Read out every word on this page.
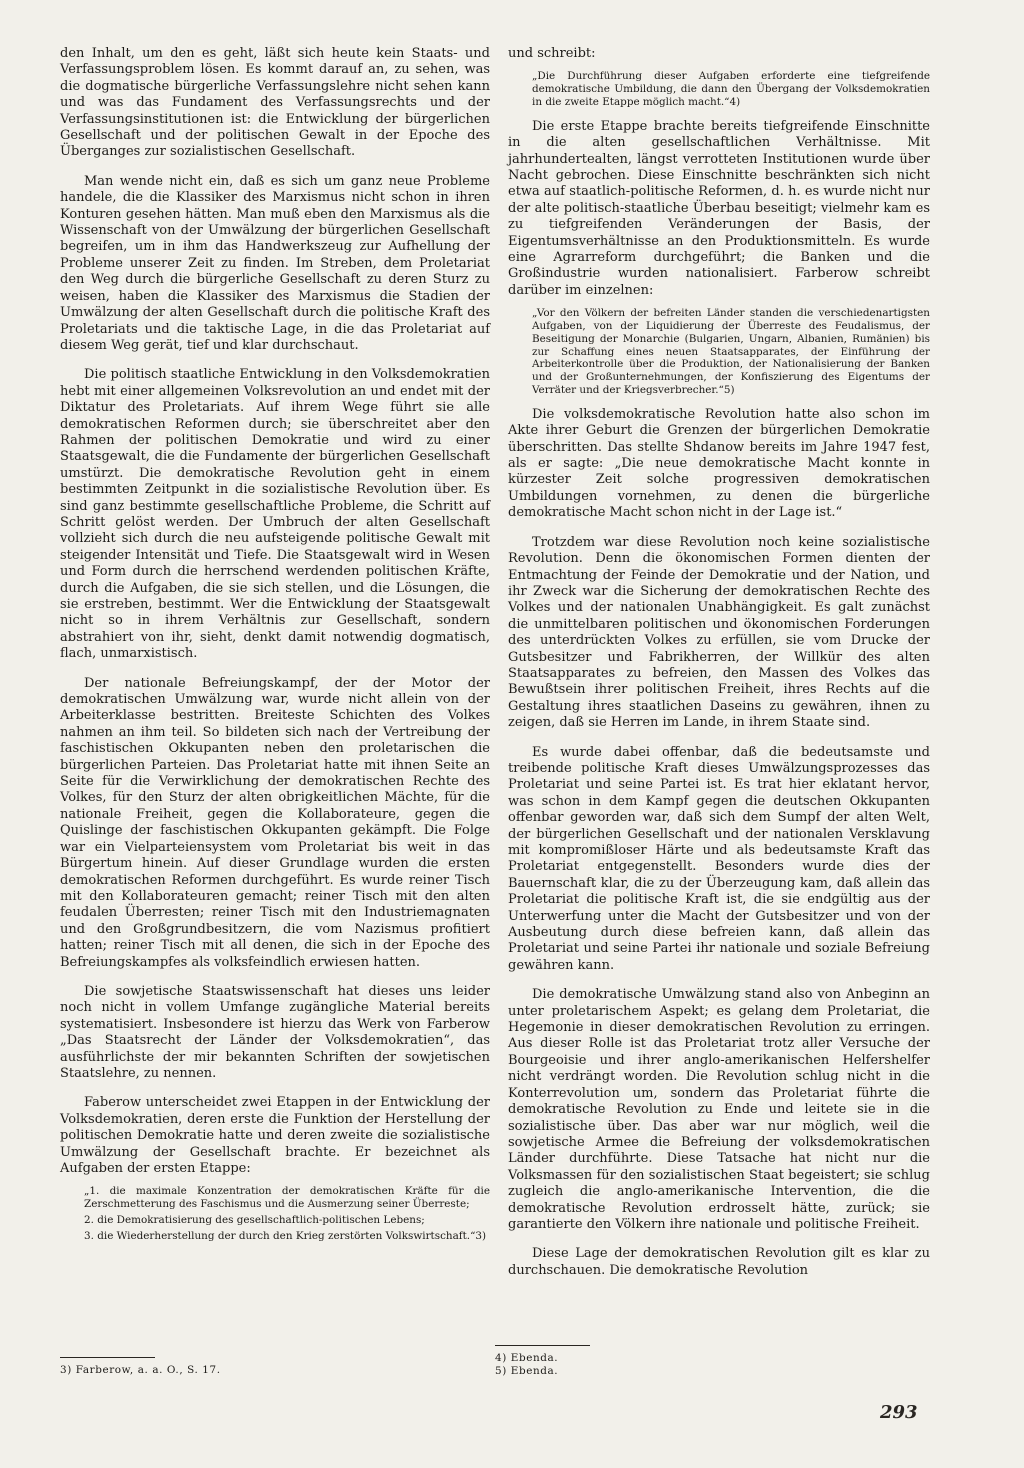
den Inhalt, um den es geht, läßt sich heute kein Staats- und Verfassungsproblem lösen. Es kommt darauf an, zu sehen, was die dogmatische bürgerliche Verfassungslehre nicht sehen kann und was das Fundament des Verfassungsrechts und der Verfassungsinstitutionen ist: die Entwicklung der bürgerlichen Gesellschaft und der politischen Gewalt in der Epoche des Überganges zur sozialistischen Gesellschaft.

Man wende nicht ein, daß es sich um ganz neue Probleme handele, die die Klassiker des Marxismus nicht schon in ihren Konturen gesehen hätten. Man muß eben den Marxismus als die Wissenschaft von der Umwälzung der bürgerlichen Gesellschaft begreifen, um in ihm das Handwerkszeug zur Aufhellung der Probleme unserer Zeit zu finden. Im Streben, dem Proletariat den Weg durch die bürgerliche Gesellschaft zu deren Sturz zu weisen, haben die Klassiker des Marxismus die Stadien der Umwälzung der alten Gesellschaft durch die politische Kraft des Proletariats und die taktische Lage, in die das Proletariat auf diesem Weg gerät, tief und klar durchschaut.

Die politisch staatliche Entwicklung in den Volksdemokratien hebt mit einer allgemeinen Volksrevolution an und endet mit der Diktatur des Proletariats. Auf ihrem Wege führt sie alle demokratischen Reformen durch; sie überschreitet aber den Rahmen der politischen Demokratie und wird zu einer Staatsgewalt, die die Fundamente der bürgerlichen Gesellschaft umstürzt. Die demokratische Revolution geht in einem bestimmten Zeitpunkt in die sozialistische Revolution über. Es sind ganz bestimmte gesellschaftliche Probleme, die Schritt auf Schritt gelöst werden. Der Umbruch der alten Gesellschaft vollzieht sich durch die neu aufsteigende politische Gewalt mit steigender Intensität und Tiefe. Die Staatsgewalt wird in Wesen und Form durch die herrschend werdenden politischen Kräfte, durch die Aufgaben, die sie sich stellen, und die Lösungen, die sie erstreben, bestimmt. Wer die Entwicklung der Staatsgewalt nicht so in ihrem Verhältnis zur Gesellschaft, sondern abstrahiert von ihr, sieht, denkt damit notwendig dogmatisch, flach, unmarxistisch.

Der nationale Befreiungskampf, der der Motor der demokratischen Umwälzung war, wurde nicht allein von der Arbeiterklasse bestritten. Breiteste Schichten des Volkes nahmen an ihm teil. So bildeten sich nach der Vertreibung der faschistischen Okkupanten neben den proletarischen die bürgerlichen Parteien. Das Proletariat hatte mit ihnen Seite an Seite für die Verwirklichung der demokratischen Rechte des Volkes, für den Sturz der alten obrigkeitlichen Mächte, für die nationale Freiheit, gegen die Kollaborateure, gegen die Quislinge der faschistischen Okkupanten gekämpft. Die Folge war ein Vielparteiensystem vom Proletariat bis weit in das Bürgertum hinein. Auf dieser Grundlage wurden die ersten demokratischen Reformen durchgeführt. Es wurde reiner Tisch mit den Kollaborateuren gemacht; reiner Tisch mit den alten feudalen Überresten; reiner Tisch mit den Industriemagnaten und den Großgrundbesitzern, die vom Nazismus profitiert hatten; reiner Tisch mit all denen, die sich in der Epoche des Befreiungskampfes als volksfeindlich erwiesen hatten.

Die sowjetische Staatswissenschaft hat dieses uns leider noch nicht in vollem Umfange zugängliche Material bereits systematisiert. Insbesondere ist hierzu das Werk von Farberow „Das Staatsrecht der Länder der Volksdemokratien“, das ausführlichste der mir bekannten Schriften der sowjetischen Staatslehre, zu nennen.

Faberow unterscheidet zwei Etappen in der Entwicklung der Volksdemokratien, deren erste die Funktion der Herstellung der politischen Demokratie hatte und deren zweite die sozialistische Umwälzung der Gesellschaft brachte. Er bezeichnet als Aufgaben der ersten Etappe:

„1. die maximale Konzentration der demokratischen Kräfte für die Zerschmetterung des Faschismus und die Ausmerzung seiner Überreste;

2. die Demokratisierung des gesellschaftlich-politischen Lebens;

3. die Wiederherstellung der durch den Krieg zerstörten Volkswirtschaft.“3)

und schreibt:

„Die Durchführung dieser Aufgaben erforderte eine tiefgreifende demokratische Umbildung, die dann den Übergang der Volksdemokratien in die zweite Etappe möglich macht.“4)

Die erste Etappe brachte bereits tiefgreifende Einschnitte in die alten gesellschaftlichen Verhältnisse. Mit jahrhundertealten, längst verrotteten Institutionen wurde über Nacht gebrochen. Diese Einschnitte beschränkten sich nicht etwa auf staatlich-politische Reformen, d. h. es wurde nicht nur der alte politisch-staatliche Überbau beseitigt; vielmehr kam es zu tiefgreifenden Veränderungen der Basis, der Eigentumsverhältnisse an den Produktionsmitteln. Es wurde eine Agrarreform durchgeführt; die Banken und die Großindustrie wurden nationalisiert. Farberow schreibt darüber im einzelnen:

„Vor den Völkern der befreiten Länder standen die verschiedenartigsten Aufgaben, von der Liquidierung der Überreste des Feudalismus, der Beseitigung der Monarchie (Bulgarien, Ungarn, Albanien, Rumänien) bis zur Schaffung eines neuen Staatsapparates, der Einführung der Arbeiterkontrolle über die Produktion, der Nationalisierung der Banken und der Großunternehmungen, der Konfiszierung des Eigentums der Verräter und der Kriegsverbrecher.“5)

Die volksdemokratische Revolution hatte also schon im Akte ihrer Geburt die Grenzen der bürgerlichen Demokratie überschritten. Das stellte Shdanow bereits im Jahre 1947 fest, als er sagte: „Die neue demokratische Macht konnte in kürzester Zeit solche progressiven demokratischen Umbildungen vornehmen, zu denen die bürgerliche demokratische Macht schon nicht in der Lage ist.“

Trotzdem war diese Revolution noch keine sozialistische Revolution. Denn die ökonomischen Formen dienten der Entmachtung der Feinde der Demokratie und der Nation, und ihr Zweck war die Sicherung der demokratischen Rechte des Volkes und der nationalen Unabhängigkeit. Es galt zunächst die unmittelbaren politischen und ökonomischen Forderungen des unterdrückten Volkes zu erfüllen, sie vom Drucke der Gutsbesitzer und Fabrikherren, der Willkür des alten Staatsapparates zu befreien, den Massen des Volkes das Bewußtsein ihrer politischen Freiheit, ihres Rechts auf die Gestaltung ihres staatlichen Daseins zu gewähren, ihnen zu zeigen, daß sie Herren im Lande, in ihrem Staate sind.

Es wurde dabei offenbar, daß die bedeutsamste und treibende politische Kraft dieses Umwälzungsprozesses das Proletariat und seine Partei ist. Es trat hier eklatant hervor, was schon in dem Kampf gegen die deutschen Okkupanten offenbar geworden war, daß sich dem Sumpf der alten Welt, der bürgerlichen Gesellschaft und der nationalen Versklavung mit kompromißloser Härte und als bedeutsamste Kraft das Proletariat entgegenstellt. Besonders wurde dies der Bauernschaft klar, die zu der Überzeugung kam, daß allein das Proletariat die politische Kraft ist, die sie endgültig aus der Unterwerfung unter die Macht der Gutsbesitzer und von der Ausbeutung durch diese befreien kann, daß allein das Proletariat und seine Partei ihr nationale und soziale Befreiung gewähren kann.

Die demokratische Umwälzung stand also von Anbeginn an unter proletarischem Aspekt; es gelang dem Proletariat, die Hegemonie in dieser demokratischen Revolution zu erringen. Aus dieser Rolle ist das Proletariat trotz aller Versuche der Bourgeoisie und ihrer anglo-amerikanischen Helfershelfer nicht verdrängt worden. Die Revolution schlug nicht in die Konterrevolution um, sondern das Proletariat führte die demokratische Revolution zu Ende und leitete sie in die sozialistische über. Das aber war nur möglich, weil die sowjetische Armee die Befreiung der volksdemokratischen Länder durchführte. Diese Tatsache hat nicht nur die Volksmassen für den sozialistischen Staat begeistert; sie schlug zugleich die anglo-amerikanische Intervention, die die demokratische Revolution erdrosselt hätte, zurück; sie garantierte den Völkern ihre nationale und politische Freiheit.

Diese Lage der demokratischen Revolution gilt es klar zu durchschauen. Die demokratische Revolution

3) Farberow, a. a. O., S. 17.

4) Ebenda.

5) Ebenda.

293
